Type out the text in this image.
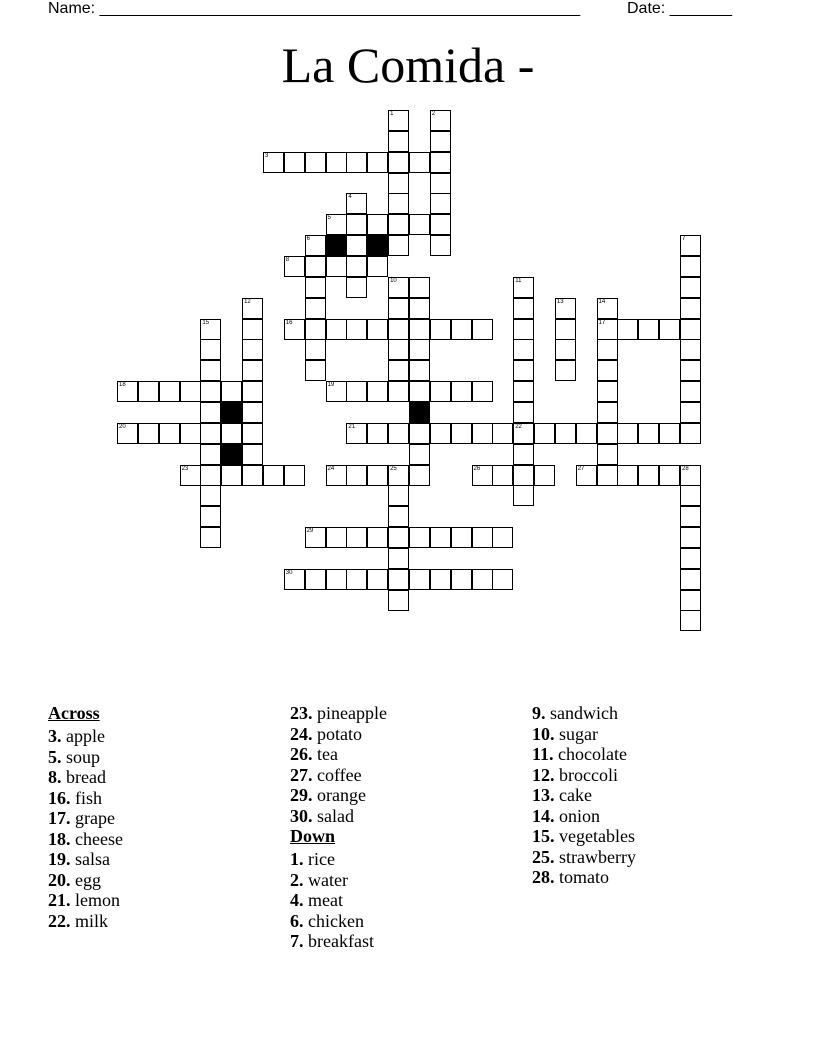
Name: ______________________________________________________	Date: _______
La Comida -
3
5
8
16	17
18	19
20	21	22
23	24	25	26	27	28
29
30
1	2
4
6	7
10	11
12	13	14
15
Across
3. apple
5. soup
8. bread
16. fish
17. grape
18. cheese
19. salsa
20. egg
21. lemon
22. milk
23. pineapple
24. potato
26. tea
27. coffee
29. orange
30. salad
Down
1. rice
2. water
4. meat
6. chicken
7. breakfast
9. sandwich
10. sugar
11. chocolate
12. broccoli
13. cake
14. onion
15. vegetables
25. strawberry
28. tomato
